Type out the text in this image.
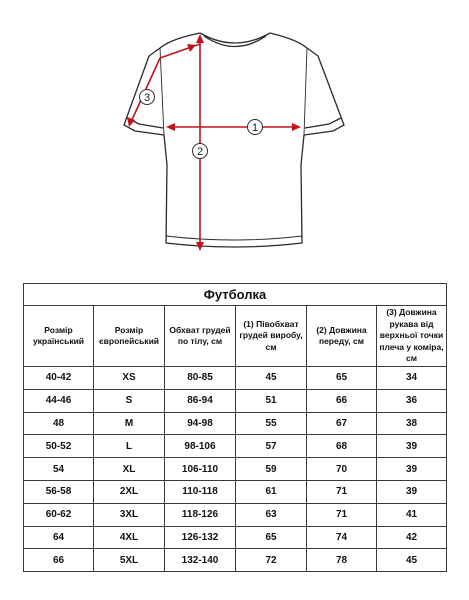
1
2
3
Футболка					
Розмір український	Розмір європейський	Обхват грудей по тілу, см	(1) Півобхват грудей виробу, см	(2) Довжина переду, см	(3) Довжина рукава від верхньої точки плеча у коміра, см
40-42	XS	80-85	45	65	34
44-46	S	86-94	51	66	36
48	M	94-98	55	67	38
50-52	L	98-106	57	68	39
54	XL	106-110	59	70	39
56-58	2XL	110-118	61	71	39
60-62	3XL	118-126	63	71	41
64	4XL	126-132	65	74	42
66	5XL	132-140	72	78	45
